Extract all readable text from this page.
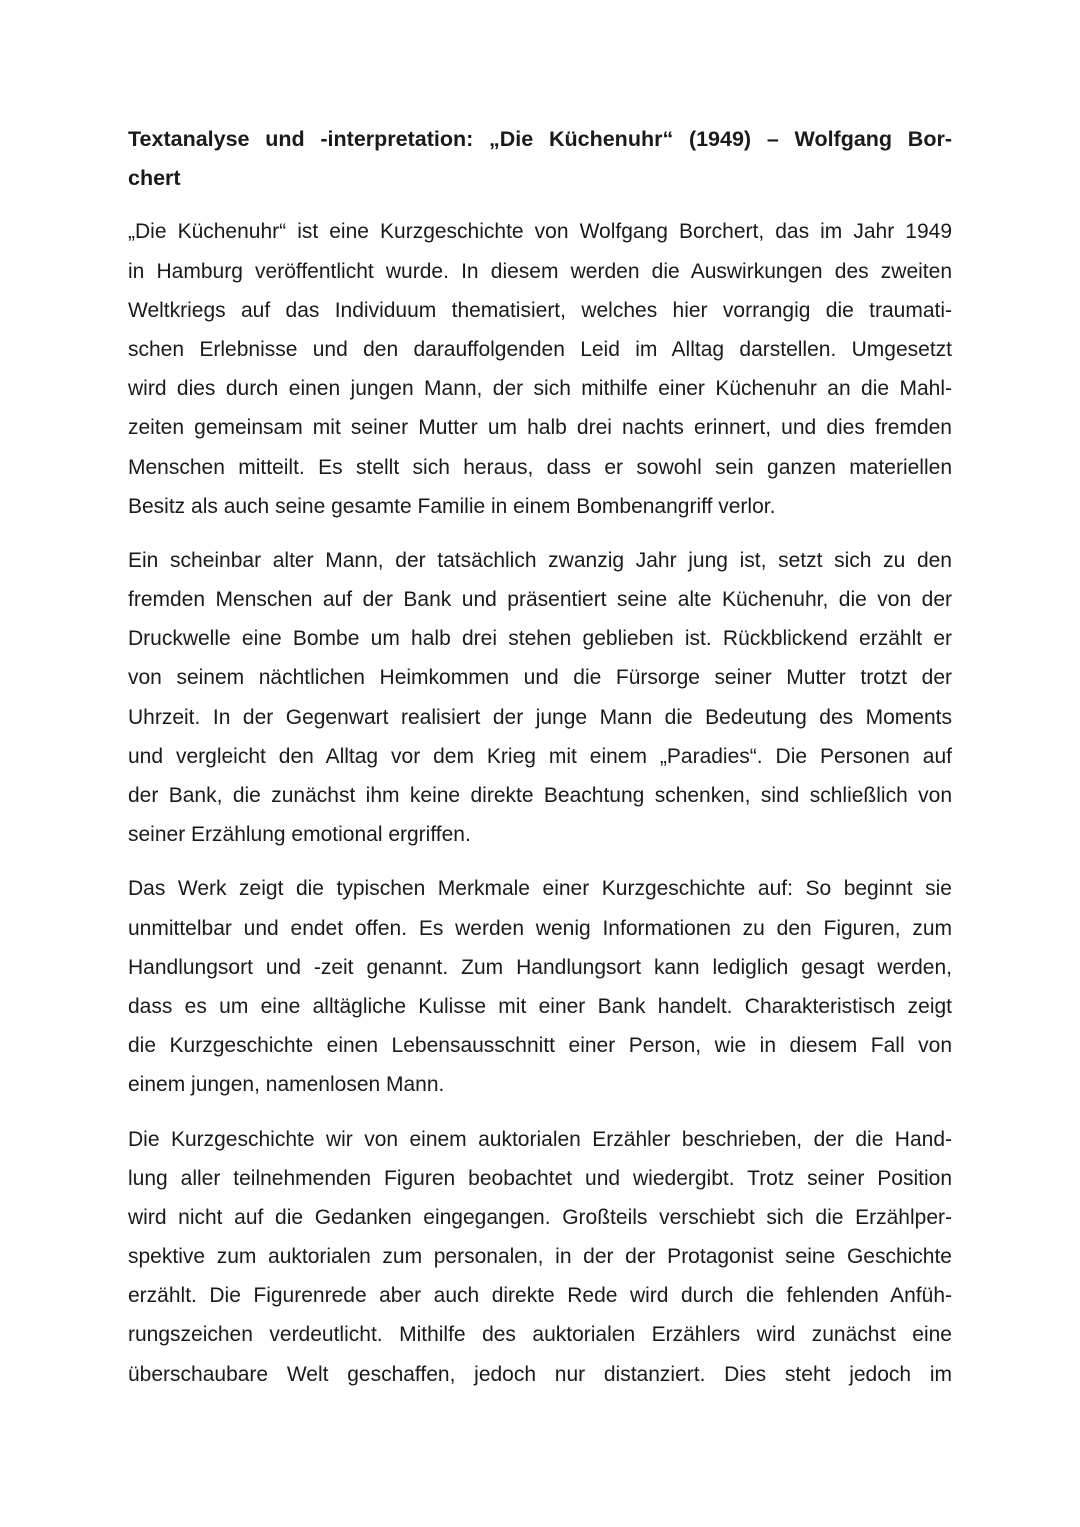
Textanalyse und -interpretation: „Die Küchenuhr“ (1949) – Wolfgang Bor-
chert
„Die Küchenuhr“ ist eine Kurzgeschichte von Wolfgang Borchert, das im Jahr 1949
in Hamburg veröffentlicht wurde. In diesem werden die Auswirkungen des zweiten
Weltkriegs auf das Individuum thematisiert, welches hier vorrangig die traumati-
schen Erlebnisse und den darauffolgenden Leid im Alltag darstellen. Umgesetzt
wird dies durch einen jungen Mann, der sich mithilfe einer Küchenuhr an die Mahl-
zeiten gemeinsam mit seiner Mutter um halb drei nachts erinnert, und dies fremden
Menschen mitteilt. Es stellt sich heraus, dass er sowohl sein ganzen materiellen
Besitz als auch seine gesamte Familie in einem Bombenangriff verlor.
Ein scheinbar alter Mann, der tatsächlich zwanzig Jahr jung ist, setzt sich zu den
fremden Menschen auf der Bank und präsentiert seine alte Küchenuhr, die von der
Druckwelle eine Bombe um halb drei stehen geblieben ist. Rückblickend erzählt er
von seinem nächtlichen Heimkommen und die Fürsorge seiner Mutter trotzt der
Uhrzeit. In der Gegenwart realisiert der junge Mann die Bedeutung des Moments
und vergleicht den Alltag vor dem Krieg mit einem „Paradies“. Die Personen auf
der Bank, die zunächst ihm keine direkte Beachtung schenken, sind schließlich von
seiner Erzählung emotional ergriffen.
Das Werk zeigt die typischen Merkmale einer Kurzgeschichte auf: So beginnt sie
unmittelbar und endet offen. Es werden wenig Informationen zu den Figuren, zum
Handlungsort und -zeit genannt. Zum Handlungsort kann lediglich gesagt werden,
dass es um eine alltägliche Kulisse mit einer Bank handelt. Charakteristisch zeigt
die Kurzgeschichte einen Lebensausschnitt einer Person, wie in diesem Fall von
einem jungen, namenlosen Mann.
Die Kurzgeschichte wir von einem auktorialen Erzähler beschrieben, der die Hand-
lung aller teilnehmenden Figuren beobachtet und wiedergibt. Trotz seiner Position
wird nicht auf die Gedanken eingegangen. Großteils verschiebt sich die Erzählper-
spektive zum auktorialen zum personalen, in der der Protagonist seine Geschichte
erzählt. Die Figurenrede aber auch direkte Rede wird durch die fehlenden Anfüh-
rungszeichen verdeutlicht. Mithilfe des auktorialen Erzählers wird zunächst eine
überschaubare Welt geschaffen, jedoch nur distanziert. Dies steht jedoch im
